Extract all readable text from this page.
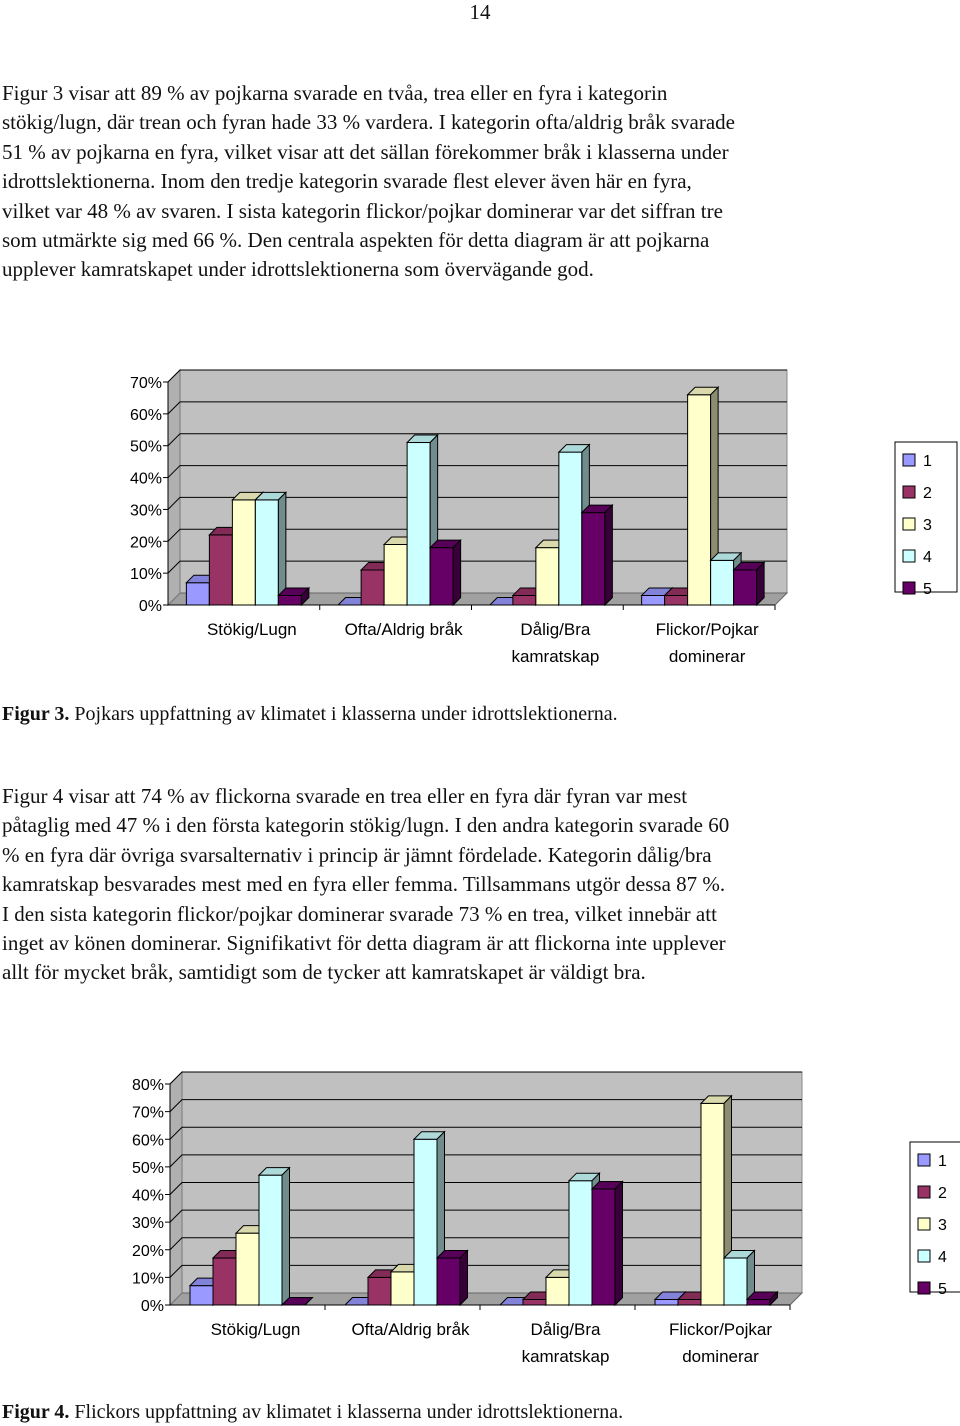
14

Figur 3 visar att 89 % av pojkarna svarade en tvåa, trea eller en fyra i kategorin
stökig/lugn, där trean och fyran hade 33 % vardera. I kategorin ofta/aldrig bråk svarade
51 % av pojkarna en fyra, vilket visar att det sällan förekommer bråk i klasserna under
idrottslektionerna. Inom den tredje kategorin svarade flest elever även här en fyra,
vilket var 48 % av svaren. I sista kategorin flickor/pojkar dominerar var det siffran tre
som utmärkte sig med 66 %. Den centrala aspekten för detta diagram är att pojkarna
upplever kamratskapet under idrottslektionerna som övervägande god.

0%
10%
20%
30%
40%
50%
60%
70%
Stökig/Lugn	Ofta/Aldrig bråk	Dålig/Bra
kamratskap
Flickor/Pojkar
dominerar
1
2
3
4
5
Figur 3. Pojkars uppfattning av klimatet i klasserna under idrottslektionerna.

Figur 4 visar att 74 % av flickorna svarade en trea eller en fyra där fyran var mest
påtaglig med 47 % i den första kategorin stökig/lugn. I den andra kategorin svarade 60
% en fyra där övriga svarsalternativ i princip är jämnt fördelade. Kategorin dålig/bra
kamratskap besvarades mest med en fyra eller femma. Tillsammans utgör dessa 87 %.
I den sista kategorin flickor/pojkar dominerar svarade 73 % en trea, vilket innebär att
inget av könen dominerar. Signifikativt för detta diagram är att flickorna inte upplever
allt för mycket bråk, samtidigt som de tycker att kamratskapet är väldigt bra.

0%
10%
20%
30%
40%
50%
60%
70%
80%
Stökig/Lugn	Ofta/Aldrig bråk	Dålig/Bra
kamratskap
Flickor/Pojkar
dominerar
1
2
3
4
5
Figur 4. Flickors uppfattning av klimatet i klasserna under idrottslektionerna.
